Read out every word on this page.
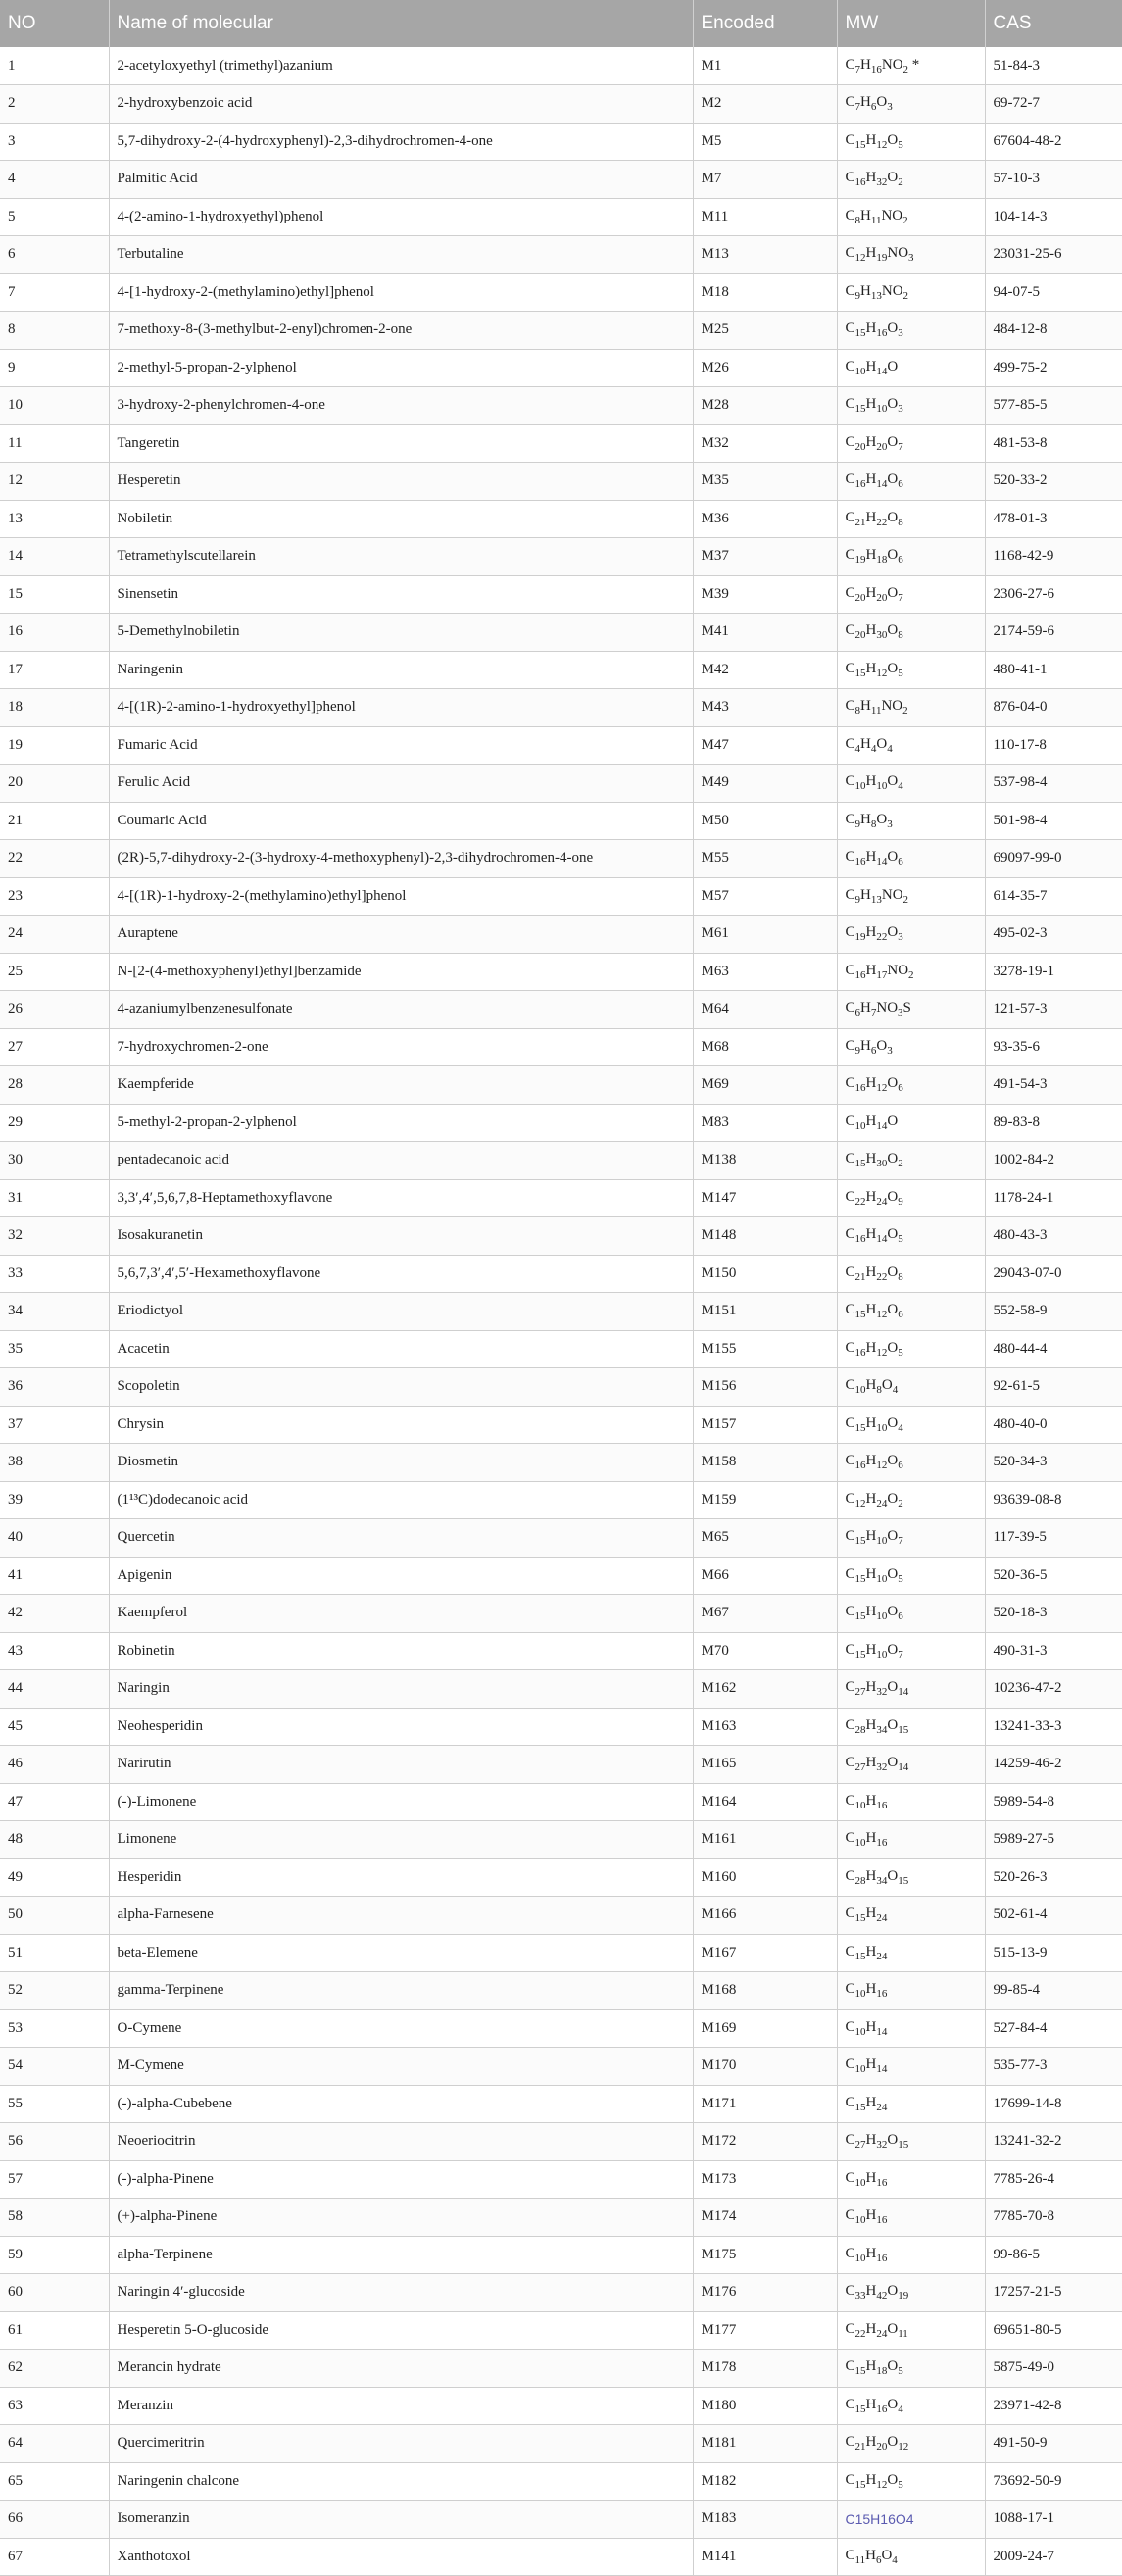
NO	Name of molecular	Encoded	MW	CAS
1	2-acetyloxyethyl (trimethyl)azanium	M1	$C_7H_{16}NO_2$ *	51-84-3
2	2-hydroxybenzoic acid	M2	$C_7H_6O_3$	69-72-7
3	5,7-dihydroxy-2-(4-hydroxyphenyl)-2,3-dihydrochromen-4-one	M5	$C_{15}H_{12}O_5$	67604-48-2
4	Palmitic Acid	M7	$C_{16}H_{32}O_2$	57-10-3
5	4-(2-amino-1-hydroxyethyl)phenol	M11	$C_8H_{11}NO_2$	104-14-3
6	Terbutaline	M13	$C_{12}H_{19}NO_3$	23031-25-6
7	4-[1-hydroxy-2-(methylamino)ethyl]phenol	M18	$C_9H_{13}NO_2$	94-07-5
8	7-methoxy-8-(3-methylbut-2-enyl)chromen-2-one	M25	$C_{15}H_{16}O_3$	484-12-8
9	2-methyl-5-propan-2-ylphenol	M26	$C_{10}H_{14}O$	499-75-2
10	3-hydroxy-2-phenylchromen-4-one	M28	$C_{15}H_{10}O_3$	577-85-5
11	Tangeretin	M32	$C_{20}H_{20}O_7$	481-53-8
12	Hesperetin	M35	$C_{16}H_{14}O_6$	520-33-2
13	Nobiletin	M36	$C_{21}H_{22}O_8$	478-01-3
14	Tetramethylscutellarein	M37	$C_{19}H_{18}O_6$	1168-42-9
15	Sinensetin	M39	$C_{20}H_{20}O_7$	2306-27-6
16	5-Demethylnobiletin	M41	$C_{20}H_{30}O_8$	2174-59-6
17	Naringenin	M42	$C_{15}H_{12}O_5$	480-41-1
18	4-[(1R)-2-amino-1-hydroxyethyl]phenol	M43	$C_8H_{11}NO_2$	876-04-0
19	Fumaric Acid	M47	$C_4H_4O_4$	110-17-8
20	Ferulic Acid	M49	$C_{10}H_{10}O_4$	537-98-4
21	Coumaric Acid	M50	$C_9H_8O_3$	501-98-4
22	(2R)-5,7-dihydroxy-2-(3-hydroxy-4-methoxyphenyl)-2,3-dihydrochromen-4-one	M55	$C_{16}H_{14}O_6$	69097-99-0
23	4-[(1R)-1-hydroxy-2-(methylamino)ethyl]phenol	M57	$C_9H_{13}NO_2$	614-35-7
24	Auraptene	M61	$C_{19}H_{22}O_3$	495-02-3
25	N-[2-(4-methoxyphenyl)ethyl]benzamide	M63	$C_{16}H_{17}NO_2$	3278-19-1
26	4-azaniumylbenzenesulfonate	M64	$C_6H_7NO_3S$	121-57-3
27	7-hydroxychromen-2-one	M68	$C_9H_6O_3$	93-35-6
28	Kaempferide	M69	$C_{16}H_{12}O_6$	491-54-3
29	5-methyl-2-propan-2-ylphenol	M83	$C_{10}H_{14}O$	89-83-8
30	pentadecanoic acid	M138	$C_{15}H_{30}O_2$	1002-84-2
31	3,3′,4′,5,6,7,8-Heptamethoxyflavone	M147	$C_{22}H_{24}O_9$	1178-24-1
32	Isosakuranetin	M148	$C_{16}H_{14}O_5$	480-43-3
33	5,6,7,3′,4′,5′-Hexamethoxyflavone	M150	$C_{21}H_{22}O_8$	29043-07-0
34	Eriodictyol	M151	$C_{15}H_{12}O_6$	552-58-9
35	Acacetin	M155	$C_{16}H_{12}O_5$	480-44-4
36	Scopoletin	M156	$C_{10}H_8O_4$	92-61-5
37	Chrysin	M157	$C_{15}H_{10}O_4$	480-40-0
38	Diosmetin	M158	$C_{16}H_{12}O_6$	520-34-3
39	(1¹³C)dodecanoic acid	M159	$C_{12}H_{24}O_2$	93639-08-8
40	Quercetin	M65	$C_{15}H_{10}O_7$	117-39-5
41	Apigenin	M66	$C_{15}H_{10}O_5$	520-36-5
42	Kaempferol	M67	$C_{15}H_{10}O_6$	520-18-3
43	Robinetin	M70	$C_{15}H_{10}O_7$	490-31-3
44	Naringin	M162	$C_{27}H_{32}O_{14}$	10236-47-2
45	Neohesperidin	M163	$C_{28}H_{34}O_{15}$	13241-33-3
46	Narirutin	M165	$C_{27}H_{32}O_{14}$	14259-46-2
47	(-)-Limonene	M164	$C_{10}H_{16}$	5989-54-8
48	Limonene	M161	$C_{10}H_{16}$	5989-27-5
49	Hesperidin	M160	$C_{28}H_{34}O_{15}$	520-26-3
50	alpha-Farnesene	M166	$C_{15}H_{24}$	502-61-4
51	beta-Elemene	M167	$C_{15}H_{24}$	515-13-9
52	gamma-Terpinene	M168	$C_{10}H_{16}$	99-85-4
53	O-Cymene	M169	$C_{10}H_{14}$	527-84-4
54	M-Cymene	M170	$C_{10}H_{14}$	535-77-3
55	(-)-alpha-Cubebene	M171	$C_{15}H_{24}$	17699-14-8
56	Neoeriocitrin	M172	$C_{27}H_{32}O_{15}$	13241-32-2
57	(-)-alpha-Pinene	M173	$C_{10}H_{16}$	7785-26-4
58	(+)-alpha-Pinene	M174	$C_{10}H_{16}$	7785-70-8
59	alpha-Terpinene	M175	$C_{10}H_{16}$	99-86-5
60	Naringin 4′-glucoside	M176	$C_{33}H_{42}O_{19}$	17257-21-5
61	Hesperetin 5-O-glucoside	M177	$C_{22}H_{24}O_{11}$	69651-80-5
62	Merancin hydrate	M178	$C_{15}H_{18}O_5$	5875-49-0
63	Meranzin	M180	$C_{15}H_{16}O_4$	23971-42-8
64	Quercimeritrin	M181	$C_{21}H_{20}O_{12}$	491-50-9
65	Naringenin chalcone	M182	$C_{15}H_{12}O_5$	73692-50-9
66	Isomeranzin	M183	C15H16O4	1088-17-1
67	Xanthotoxol	M141	$C_{11}H_6O_4$	2009-24-7
